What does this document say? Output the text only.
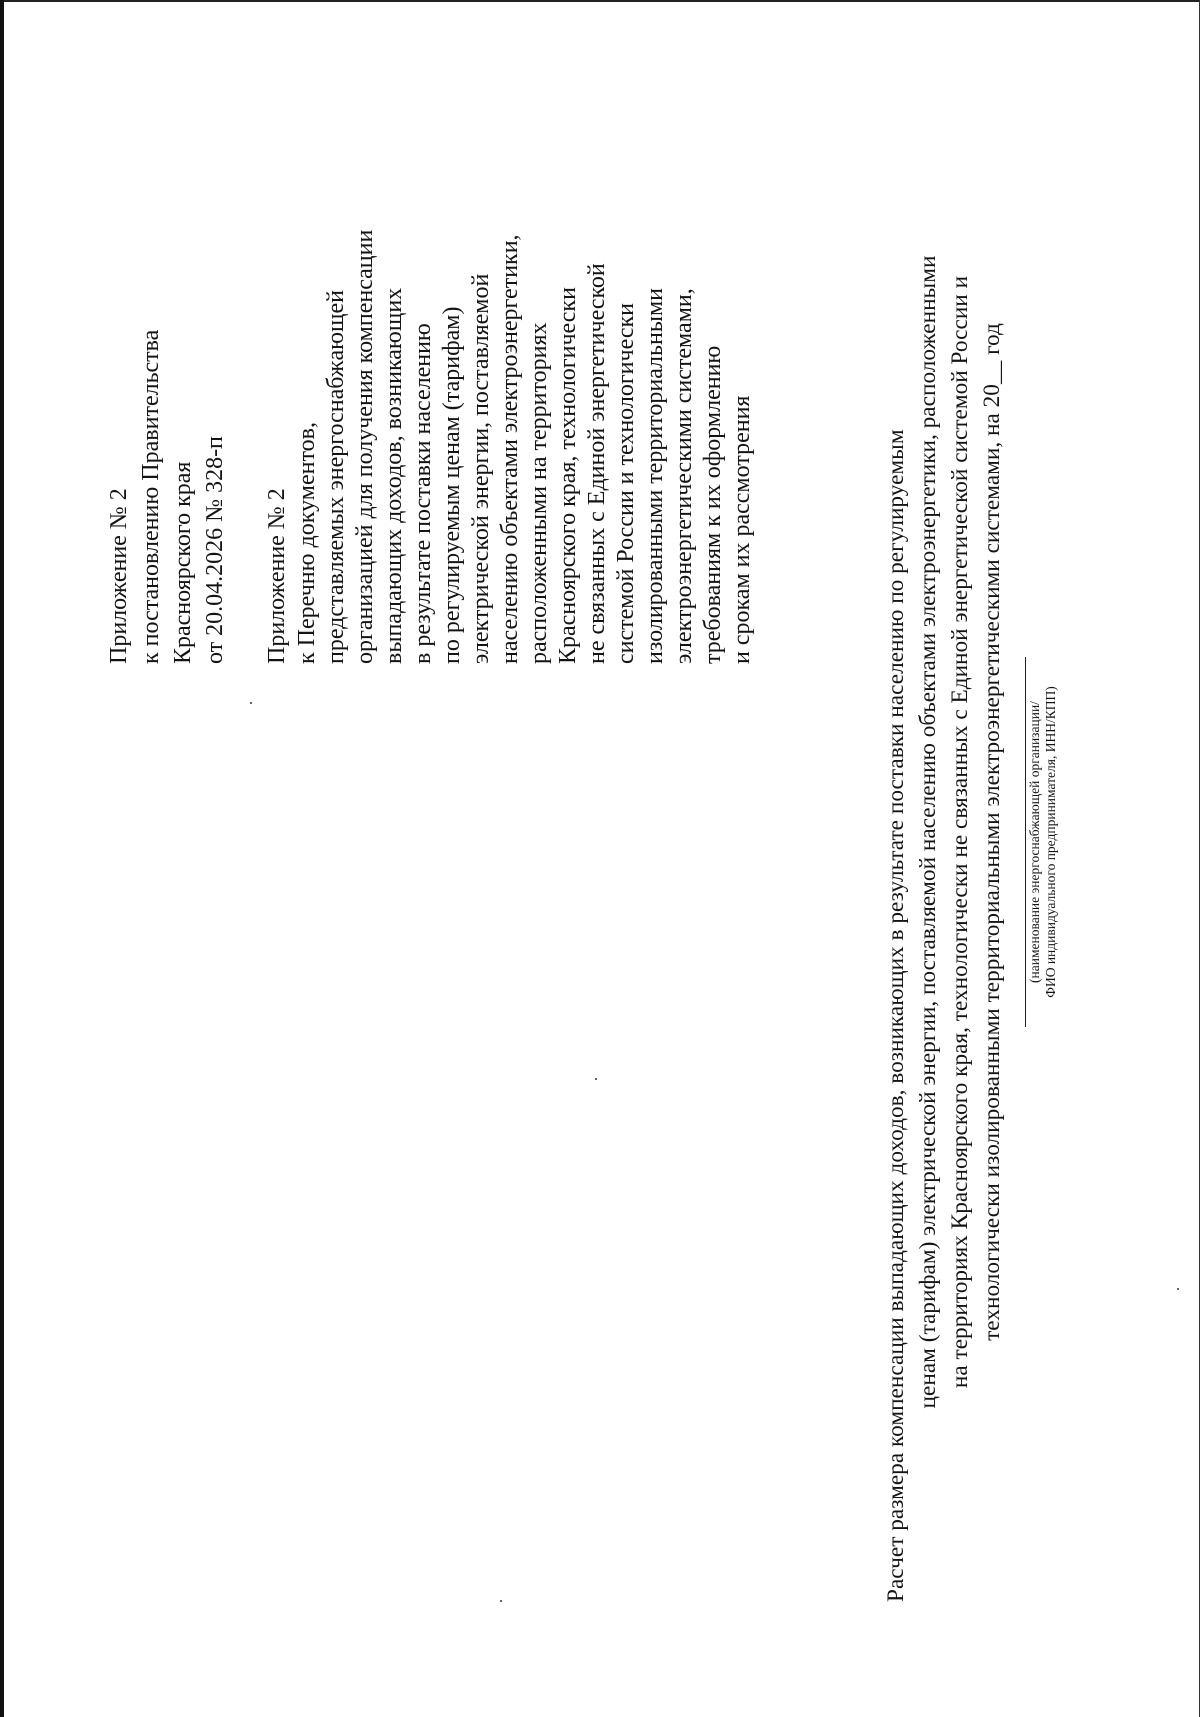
Приложение № 2 к постановлению Правительства Красноярского края от 20.04.2026 № 328-п Приложение № 2 к Перечню документов, представляемых энергоснабжающей организацией для получения компенсации выпадающих доходов, возникающих в результате поставки населению по регулируемым ценам (тарифам) электрической энергии, поставляемой населению объектами электроэнергетики, расположенными на территориях Красноярского края, технологически не связанных с Единой энергетической системой России и технологически изолированными территориальными электроэнергетическими системами, требованиям к их оформлению и срокам их рассмотрения	Расчет размера компенсации выпадающих доходов, возникающих в результате поставки населению по регулируемым ценам (тарифам) электрической энергии, поставляемой населению объектами электроэнергетики, расположенными на территориях Красноярского края, технологически не связанных с Единой энергетической системой России и технологически изолированными территориальными электроэнергетическими системами, на 20__ год (наименование энергоснабжающей организации/ ФИО индивидуального предпринимателя, ИНН/КПП)
